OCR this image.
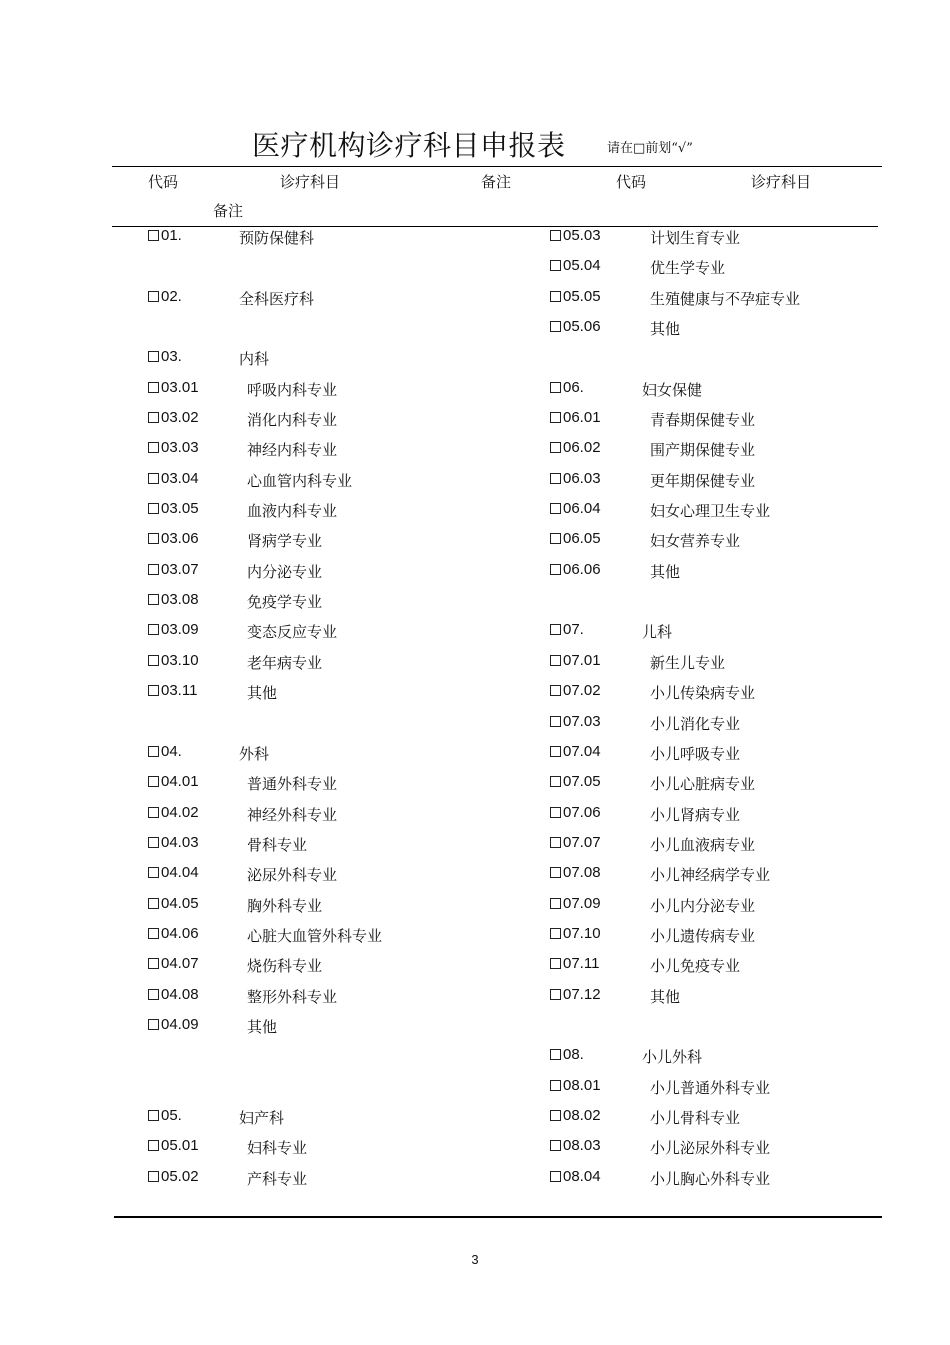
医疗机构诊疗科目申报表	请在□前划“√”
代码	诊疗科目	备注	代码	诊疗科目
备注
01.	预防保健科
02.	全科医疗科
03.	内科
03.01	呼吸内科专业
03.02	消化内科专业
03.03	神经内科专业
03.04	心血管内科专业
03.05	血液内科专业
03.06	肾病学专业
03.07	内分泌专业
03.08	免疫学专业
03.09	变态反应专业
03.10	老年病专业
03.11	其他
04.	外科
04.01	普通外科专业
04.02	神经外科专业
04.03	骨科专业
04.04	泌尿外科专业
04.05	胸外科专业
04.06	心脏大血管外科专业
04.07	烧伤科专业
04.08	整形外科专业
04.09	其他
05.	妇产科
05.01	妇科专业
05.02	产科专业
05.03	计划生育专业
05.04	优生学专业
05.05	生殖健康与不孕症专业
05.06	其他
06.	妇女保健
06.01	青春期保健专业
06.02	围产期保健专业
06.03	更年期保健专业
06.04	妇女心理卫生专业
06.05	妇女营养专业
06.06	其他
07.	儿科
07.01	新生儿专业
07.02	小儿传染病专业
07.03	小儿消化专业
07.04	小儿呼吸专业
07.05	小儿心脏病专业
07.06	小儿肾病专业
07.07	小儿血液病专业
07.08	小儿神经病学专业
07.09	小儿内分泌专业
07.10	小儿遗传病专业
07.11	小儿免疫专业
07.12	其他
08.	小儿外科
08.01	小儿普通外科专业
08.02	小儿骨科专业
08.03	小儿泌尿外科专业
08.04	小儿胸心外科专业
3
